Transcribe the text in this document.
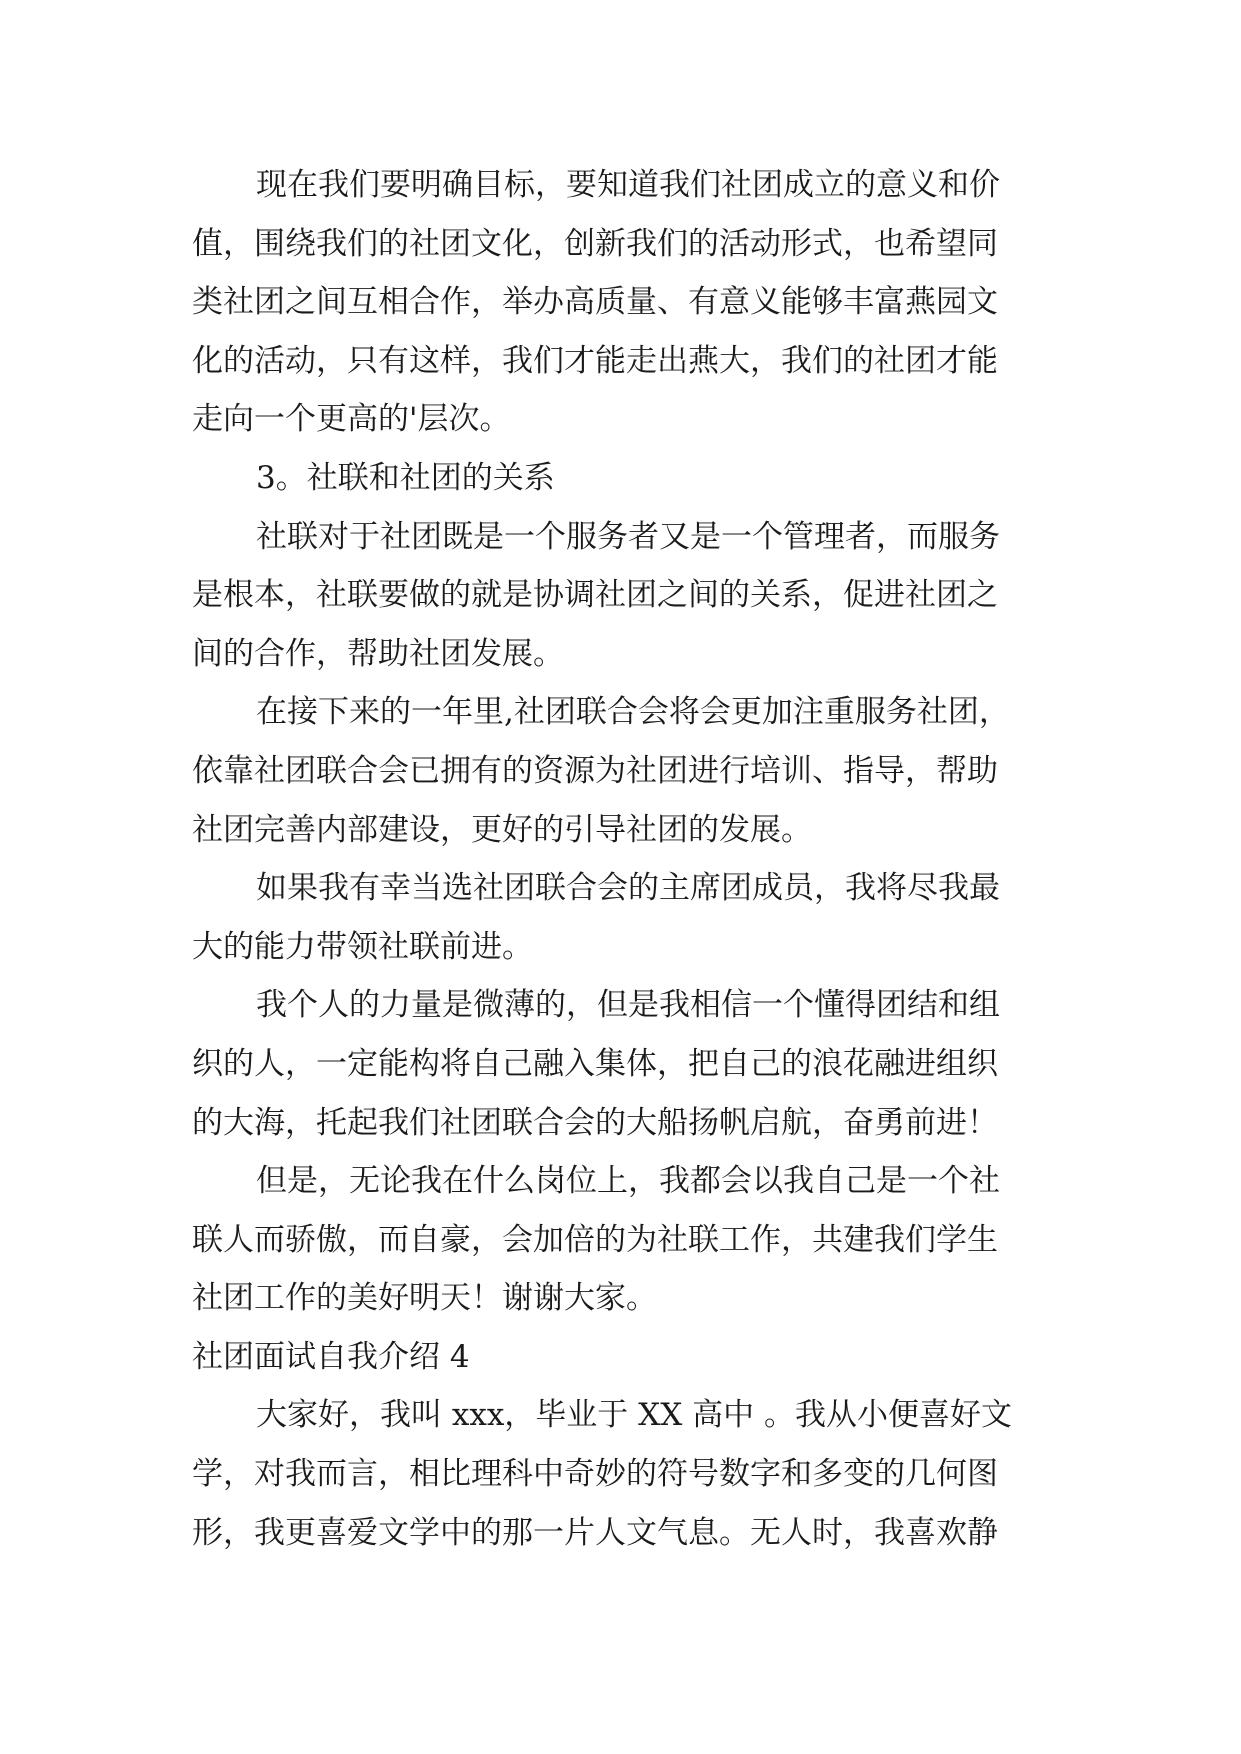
现在我们要明确目标，要知道我们社团成立的意义和价
值，围绕我们的社团文化，创新我们的活动形式，也希望同
类社团之间互相合作，举办高质量、有意义能够丰富燕园文
化的活动，只有这样，我们才能走出燕大，我们的社团才能
走向一个更高的'层次。
3。社联和社团的关系
社联对于社团既是一个服务者又是一个管理者，而服务
是根本，社联要做的就是协调社团之间的关系，促进社团之
间的合作，帮助社团发展。
在接下来的一年里,社团联合会将会更加注重服务社团，
依靠社团联合会已拥有的资源为社团进行培训、指导，帮助
社团完善内部建设，更好的引导社团的发展。
如果我有幸当选社团联合会的主席团成员，我将尽我最
大的能力带领社联前进。
我个人的力量是微薄的，但是我相信一个懂得团结和组
织的人，一定能构将自己融入集体，把自己的浪花融进组织
的大海，托起我们社团联合会的大船扬帆启航，奋勇前进！
但是，无论我在什么岗位上，我都会以我自己是一个社
联人而骄傲，而自豪，会加倍的为社联工作，共建我们学生
社团工作的美好明天！谢谢大家。
社团面试自我介绍 4
大家好，我叫 xxx，毕业于 XX 高中 。我从小便喜好文
学，对我而言，相比理科中奇妙的符号数字和多变的几何图
形，我更喜爱文学中的那一片人文气息。无人时，我喜欢静
